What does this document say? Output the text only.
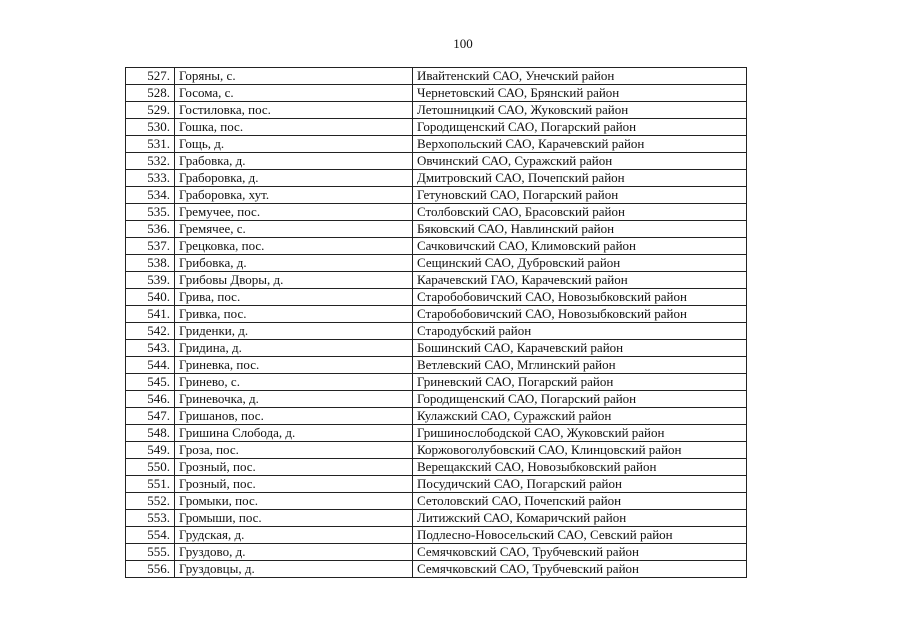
100
527.	Горяны, с.	Ивайтенский САО, Унечский район
528.	Госома, с.	Чернетовский САО, Брянский район
529.	Гостиловка, пос.	Летошницкий САО, Жуковский район
530.	Гошка, пос.	Городищенский САО, Погарский район
531.	Гощь, д.	Верхопольский САО, Карачевский район
532.	Грабовка, д.	Овчинский САО, Суражский район
533.	Граборовка, д.	Дмитровский САО, Почепский район
534.	Граборовка, хут.	Гетуновский САО, Погарский район
535.	Гремучее, пос.	Столбовский САО, Брасовский район
536.	Гремячее, с.	Бяковский САО, Навлинский район
537.	Грецковка, пос.	Сачковичский САО, Климовский район
538.	Грибовка, д.	Сещинский САО, Дубровский район
539.	Грибовы Дворы, д.	Карачевский ГАО, Карачевский район
540.	Грива, пос.	Старобобовичский САО, Новозыбковский район
541.	Гривка, пос.	Старобобовичский САО, Новозыбковский район
542.	Гриденки, д.	Стародубский район
543.	Гридина, д.	Бошинский САО, Карачевский район
544.	Гриневка, пос.	Ветлевский САО, Мглинский район
545.	Гринево, с.	Гриневский САО, Погарский район
546.	Гриневочка, д.	Городищенский САО, Погарский район
547.	Гришанов, пос.	Кулажский САО, Суражский район
548.	Гришина Слобода, д.	Гришинослободской САО, Жуковский район
549.	Гроза, пос.	Коржовоголубовский САО, Клинцовский район
550.	Грозный, пос.	Верещакский САО, Новозыбковский район
551.	Грозный, пос.	Посудичский САО, Погарский район
552.	Громыки, пос.	Сетоловский САО, Почепский район
553.	Громыши, пос.	Литижский САО, Комаричский район
554.	Грудская, д.	Подлесно-Новосельский САО, Севский район
555.	Груздово, д.	Семячковский САО, Трубчевский район
556.	Груздовцы, д.	Семячковский САО, Трубчевский район
